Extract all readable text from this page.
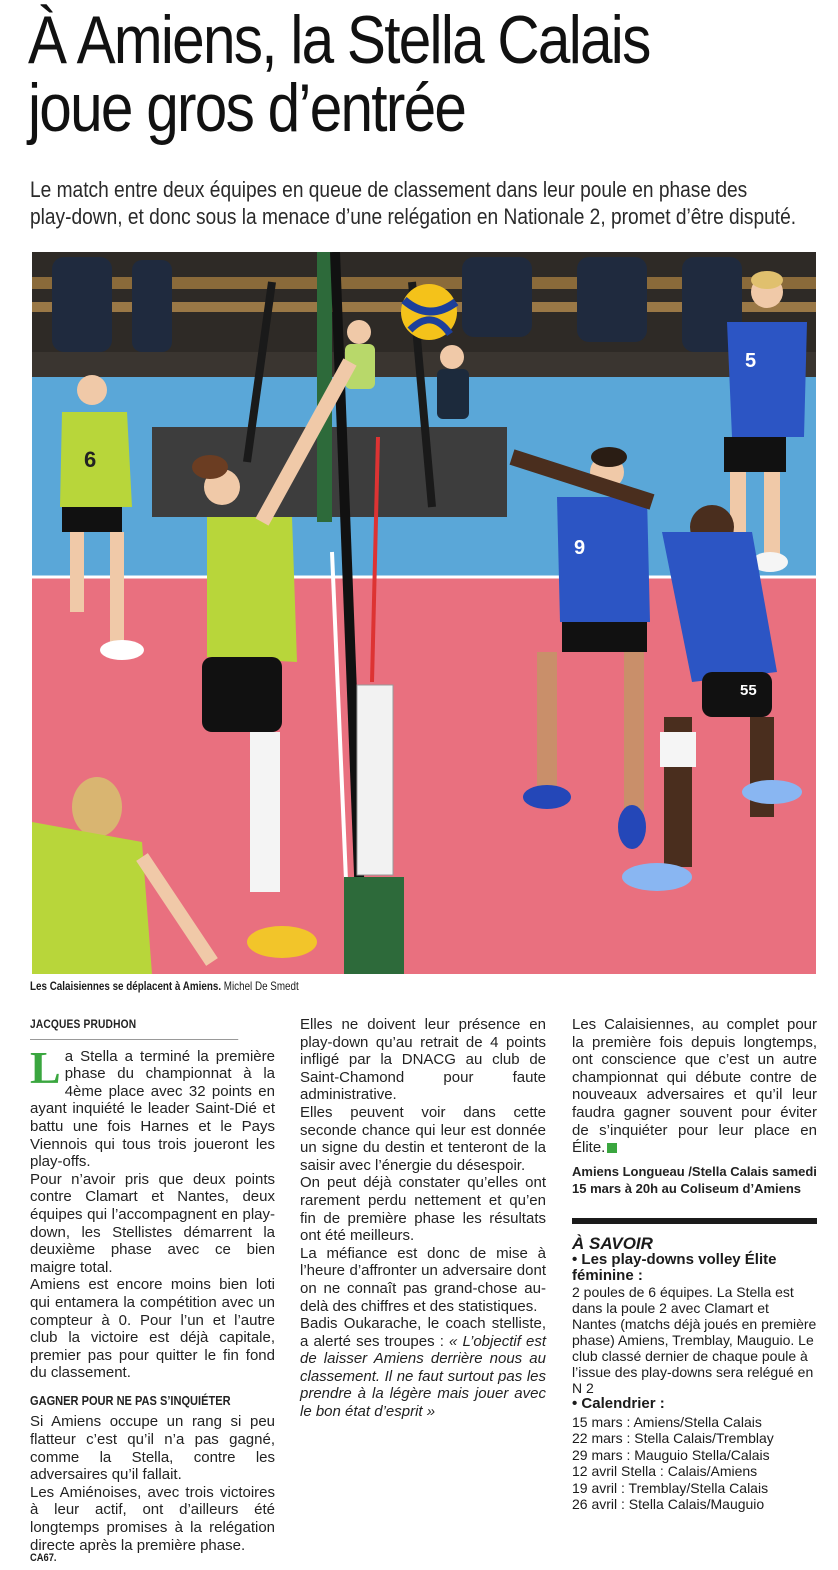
À Amiens, la Stella Calais
joue gros d’entrée
Le match entre deux équipes en queue de classement dans leur poule en phase des
play-down, et donc sous la menace d’une relégation en Nationale 2, promet d’être disputé.
6
5
9
55
Les Calaisiennes se déplacent à Amiens. Michel De Smedt

JACQUES PRUDHON

La Stella a terminé la première phase du championnat à la 4ème place avec 32 points en ayant inquiété le leader Saint-Dié et battu une fois Harnes et le Pays Viennois qui tous trois joueront les play-offs.

Pour n’avoir pris que deux points contre Clamart et Nantes, deux équipes qui l’accompagnent en play-down, les Stellistes démarrent la deuxième phase avec ce bien maigre total.

Amiens est encore moins bien loti qui entamera la compétition avec un compteur à 0. Pour l’un et l’autre club la victoire est déjà capitale, premier pas pour quitter le fin fond du classement.

GAGNER POUR NE PAS S’INQUIÉTER

Si Amiens occupe un rang si peu flatteur c’est qu’il n’a pas gagné, comme la Stella, contre les adversaires qu’il fallait.

Les Amiénoises, avec trois victoires à leur actif, ont d’ailleurs été longtemps promises à la relégation directe après la première phase.

Elles ne doivent leur présence en play-down qu’au retrait de 4 points infligé par la DNACG au club de Saint-Chamond pour faute administrative.

Elles peuvent voir dans cette seconde chance qui leur est donnée un signe du destin et tenteront de la saisir avec l’énergie du désespoir.

On peut déjà constater qu’elles ont rarement perdu nettement et qu’en fin de première phase les résultats ont été meilleurs.

La méfiance est donc de mise à l’heure d’affronter un adversaire dont on ne connaît pas grand-chose au-delà des chiffres et des statistiques.

Badis Oukarache, le coach stelliste, a alerté ses troupes : « L’objectif est de laisser Amiens derrière nous au classement. Il ne faut surtout pas les prendre à la légère mais jouer avec le bon état d’esprit »

Les Calaisiennes, au complet pour la première fois depuis longtemps, ont conscience que c’est un autre championnat qui débute contre de nouveaux adversaires et qu’il leur faudra gagner souvent pour éviter de s’inquiéter pour leur place en Élite.

Amiens Longueau /Stella Calais samedi 15 mars à 20h au Coliseum d’Amiens

À SAVOIR

• Les play-downs volley Élite féminine :

2 poules de 6 équipes. La Stella est dans la poule 2 avec Clamart et Nantes (matchs déjà joués en première phase) Amiens, Tremblay, Mauguio. Le club classé dernier de chaque poule à l’issue des play-downs sera relégué en N 2

• Calendrier :

15 mars : Amiens/Stella Calais
22 mars : Stella Calais/Tremblay
29 mars : Mauguio Stella/Calais
12 avril Stella : Calais/Amiens
19 avril : Tremblay/Stella Calais
26 avril : Stella Calais/Mauguio
CA67.
